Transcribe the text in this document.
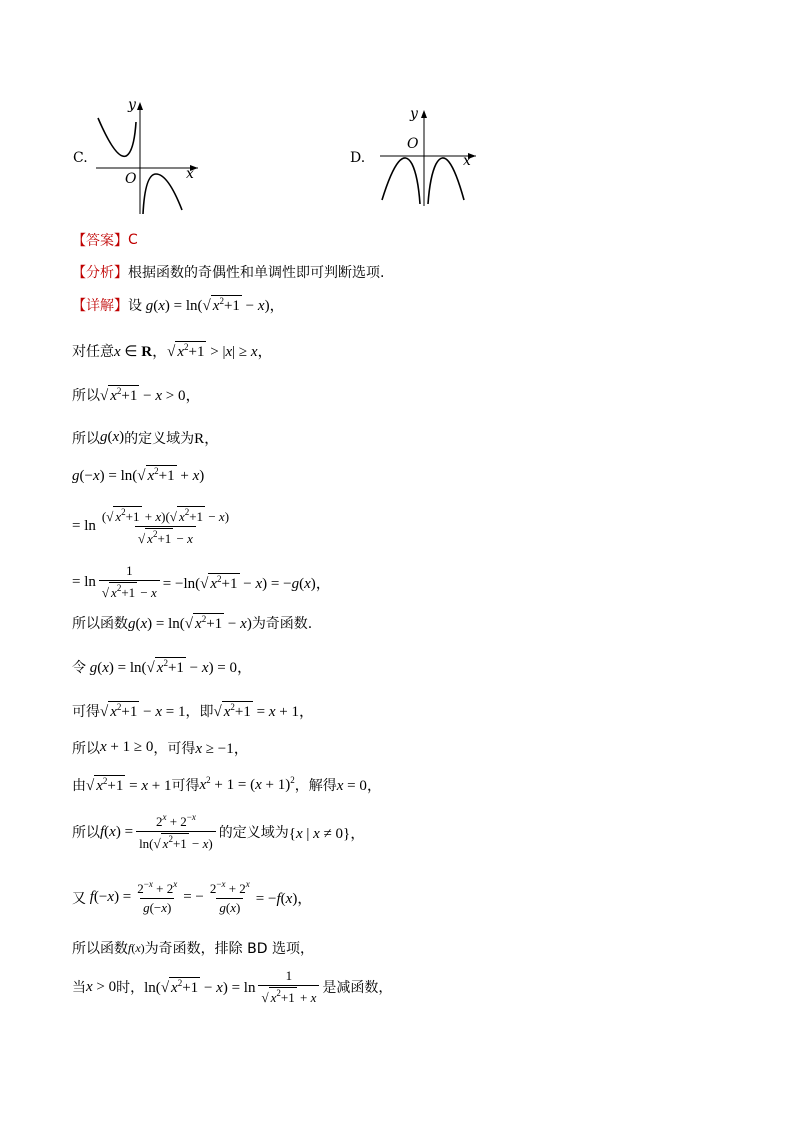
C.
y
x
O
D.
y
x
O
【答案】 C
【分析】 根据函数的奇偶性和单调性即可判断选项.
【详解】 设 g(x) = ln( √ $x^2+1 - x$)，
对任意 x ∈ R， √ $x^2+1 > |x| \ge x$，
所以 √ $x^2+1 - x > 0$，
所以 g(x) 的定义域为 R，
g(−x) = ln( √ $x^2+1 + x$)
= $\ln \frac{( √ x^2+1 + x)( √ x^2+1 - x)}{√ x^2+1 - x}$
= $\ln \frac{1}{√ x^2+1 - x} = -\ln$( √ $x^2+1 - x) = -g(x)$，
所以函数 g(x) = ln( √ $x^2+1 - x$) 为奇函数.
令 g(x) = ln( √ $x^2+1 - x) = 0$，
可得 √ $x^2+1 - x = 1$ ，即 √ $x^2+1 = x + 1$，
所以 x + 1 ≥ 0 ，可得 x ≥ −1，
由 √ $x^2+1 = x + 1$ 可得 $x^2 + 1 = (x + 1)^2$ ，解得 x = 0，
所以 $f(x) = \frac{2^x + 2^{-x}}{\ln( √ x^2+1 - x)}$ 的定义域为 {x | x ≠ 0}，
又 $f(-x) = \frac{2^{-x} + 2^x}{g(-x)}$ = − $\frac{2^{-x} + 2^x}{g(x)} = -f(x)$，
所以函数 f(x) 为奇函数，排除 BD 选项，
当 x > 0 时， ln( √ $x^2+1 - x) = \ln \frac{1}{√ x^2+1 + x}$ 是减函数，
